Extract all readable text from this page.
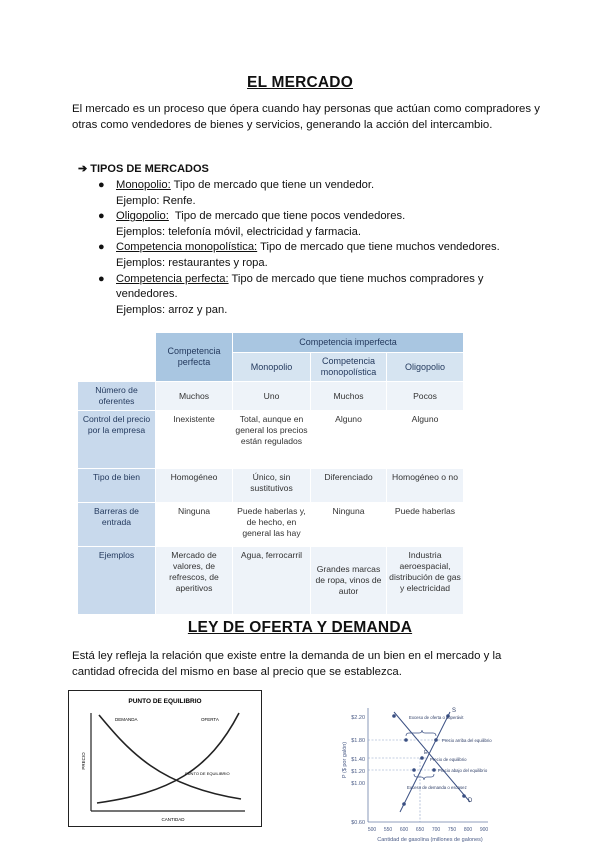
EL MERCADO
El mercado es un proceso que ópera cuando hay personas que actúan como compradores y otras como vendedores de bienes y servicios, generando la acción del intercambio.
➔ TIPOS DE MERCADOS
● Monopolio: Tipo de mercado que tiene un vendedor.
Ejemplo: Renfe.
● Oligopolio:  Tipo de mercado que tiene pocos vendedores.
Ejemplos: telefonía móvil, electricidad y farmacia.
● Competencia monopolística: Tipo de mercado que tiene muchos vendedores.
Ejemplos: restaurantes y ropa.
● Competencia perfecta: Tipo de mercado que tiene muchos compradores y vendedores.
Ejemplos: arroz y pan.
	Competencia perfecta	Competencia imperfecta		
		Monopolio	Competencia monopolística	Oligopolio
Número de oferentes	Muchos	Uno	Muchos	Pocos
Control del precio por la empresa	Inexistente	Total, aunque en general los precios están regulados	Alguno	Alguno
Tipo de bien	Homogéneo	Único, sin sustitutivos	Diferenciado	Homogéneo o no
Barreras de entrada	Ninguna	Puede haberlas y, de hecho, en general las hay	Ninguna	Puede haberlas
Ejemplos	Mercado de valores, de refrescos, de aperitivos	Agua, ferrocarril	Grandes marcas de ropa, vinos de autor	Industria aeroespacial, distribución de gas y electricidad
LEY DE OFERTA Y DEMANDA
Está ley refleja la relación que existe entre la demanda de un bien en el mercado y la cantidad ofrecida del mismo en base al precio que se establezca.
PUNTO DE EQUILIBRIO
DEMANDA	OFERTA
PRECIO
CANTIDAD
PUNTO DE EQUILIBRIO
$2.20
$1.80
$1.40
$1.20
$1.00
$0.60
500 550 600 650 700 750 800 900
P ($ por galón)
Cantidad de gasolina (millones de galones)
Exceso de oferta o superávit
S
Precio arriba del equilibrio
E
Precio de equilibrio
Precio abajo del equilibrio
Exceso de demanda o escasez
D
